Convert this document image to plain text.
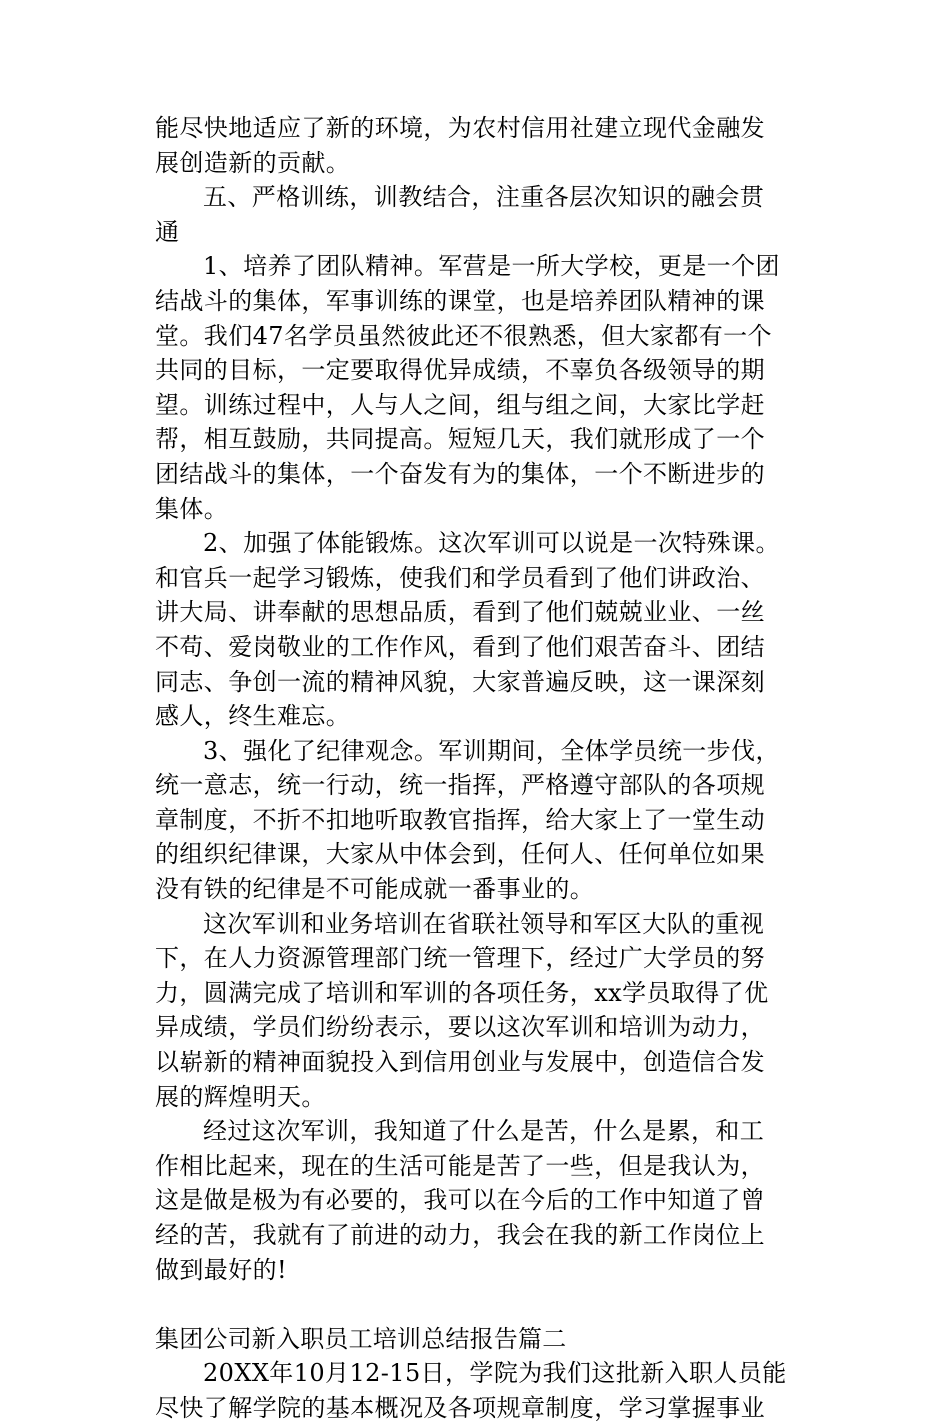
能尽快地适应了新的环境，为农村信用社建立现代金融发
展创造新的贡献。
五、严格训练，训教结合，注重各层次知识的融会贯
通
1、培养了团队精神。军营是一所大学校，更是一个团
结战斗的集体，军事训练的课堂，也是培养团队精神的课
堂。我们47名学员虽然彼此还不很熟悉，但大家都有一个
共同的目标，一定要取得优异成绩，不辜负各级领导的期
望。训练过程中，人与人之间，组与组之间，大家比学赶
帮，相互鼓励，共同提高。短短几天，我们就形成了一个
团结战斗的集体，一个奋发有为的集体，一个不断进步的
集体。
2、加强了体能锻炼。这次军训可以说是一次特殊课。
和官兵一起学习锻炼，使我们和学员看到了他们讲政治、
讲大局、讲奉献的思想品质，看到了他们兢兢业业、一丝
不苟、爱岗敬业的工作作风，看到了他们艰苦奋斗、团结
同志、争创一流的精神风貌，大家普遍反映，这一课深刻
感人，终生难忘。
3、强化了纪律观念。军训期间，全体学员统一步伐，
统一意志，统一行动，统一指挥，严格遵守部队的各项规
章制度，不折不扣地听取教官指挥，给大家上了一堂生动
的组织纪律课，大家从中体会到，任何人、任何单位如果
没有铁的纪律是不可能成就一番事业的。
这次军训和业务培训在省联社领导和军区大队的重视
下，在人力资源管理部门统一管理下，经过广大学员的努
力，圆满完成了培训和军训的各项任务，xx学员取得了优
异成绩，学员们纷纷表示，要以这次军训和培训为动力，
以崭新的精神面貌投入到信用创业与发展中，创造信合发
展的辉煌明天。
经过这次军训，我知道了什么是苦，什么是累，和工
作相比起来，现在的生活可能是苦了一些，但是我认为，
这是做是极为有必要的，我可以在今后的工作中知道了曾
经的苦，我就有了前进的动力，我会在我的新工作岗位上
做到最好的!
集团公司新入职员工培训总结报告篇二
20XX年10月12-15日，学院为我们这批新入职人员能
尽快了解学院的基本概况及各项规章制度，学习掌握事业
